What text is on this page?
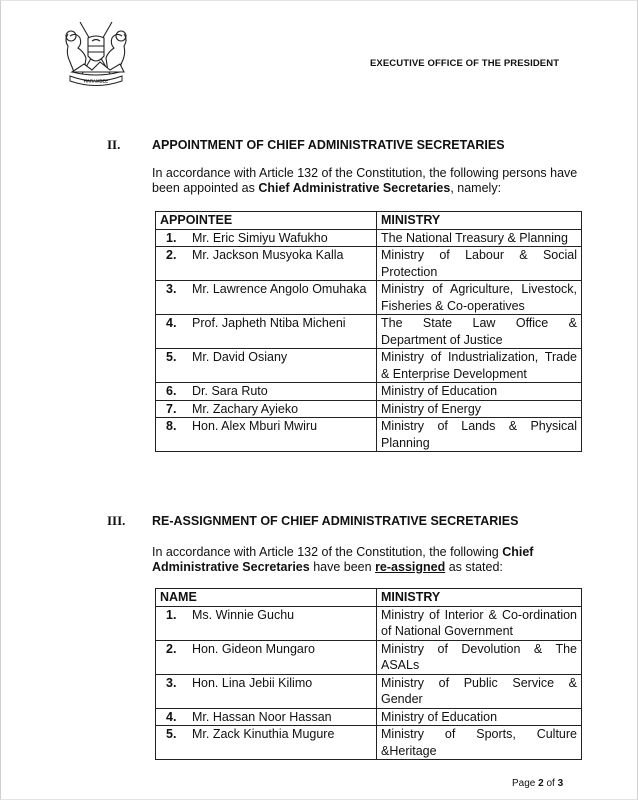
HARAMBEE
EXECUTIVE OFFICE OF THE PRESIDENT
II.	APPOINTMENT OF CHIEF ADMINISTRATIVE SECRETARIES
In accordance with Article 132 of the Constitution, the following persons have been appointed as Chief Administrative Secretaries, namely:
APPOINTEE	MINISTRY
1. Mr. Eric Simiyu Wafukho	The National Treasury & Planning
2. Mr. Jackson Musyoka Kalla	Ministry of Labour & Social Protection
3. Mr. Lawrence Angolo Omuhaka	Ministry of Agriculture, Livestock, Fisheries & Co-operatives
4. Prof. Japheth Ntiba Micheni	The State Law Office & Department of Justice
5. Mr. David Osiany	Ministry of Industrialization, Trade & Enterprise Development
6. Dr. Sara Ruto	Ministry of Education
7. Mr. Zachary Ayieko	Ministry of Energy
8. Hon. Alex Mburi Mwiru	Ministry of Lands & Physical Planning
III. RE-ASSIGNMENT OF CHIEF ADMINISTRATIVE SECRETARIES
In accordance with Article 132 of the Constitution, the following Chief Administrative Secretaries have been re-assigned as stated:
NAME	MINISTRY
1. Ms. Winnie Guchu	Ministry of Interior & Co-ordination of National Government
2. Hon. Gideon Mungaro	Ministry of Devolution & The ASALs
3. Hon. Lina Jebii Kilimo	Ministry of Public Service & Gender
4. Mr. Hassan Noor Hassan	Ministry of Education
5. Mr. Zack Kinuthia Mugure	Ministry of Sports, Culture &Heritage
Page 2 of 3
